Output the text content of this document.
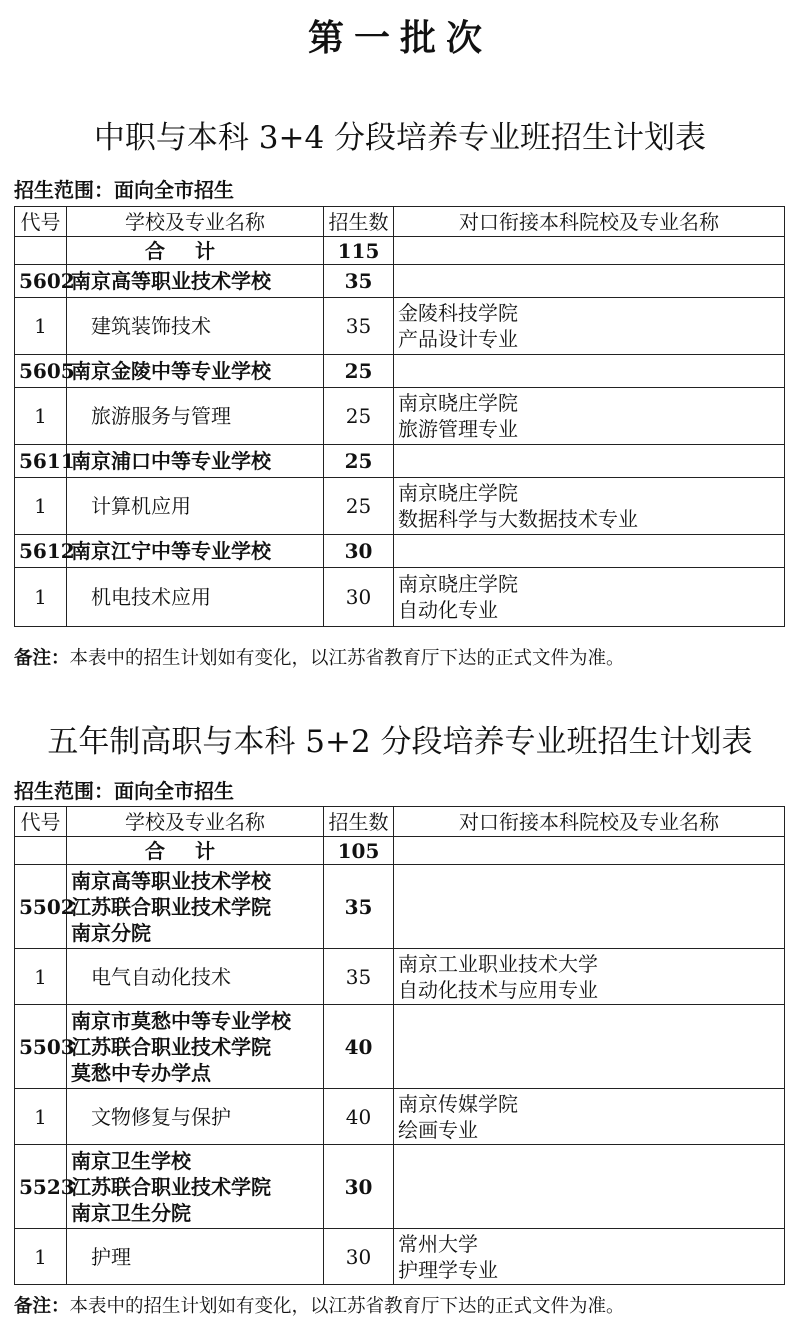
第一批次
中职与本科 3+4 分段培养专业班招生计划表
招生范围：面向全市招生
代号	学校及专业名称	招生数	对口衔接本科院校及专业名称
	合计	115	
5602	南京高等职业技术学校	35	
1	建筑装饰技术	35	金陵科技学院
产品设计专业

5605	南京金陵中等专业学校	25	
1	旅游服务与管理	25	南京晓庄学院
旅游管理专业

5611	南京浦口中等专业学校	25	
1	计算机应用	25	南京晓庄学院
数据科学与大数据技术专业

5612	南京江宁中等专业学校	30	
1	机电技术应用	30	南京晓庄学院
自动化专业
备注：本表中的招生计划如有变化，以江苏省教育厅下达的正式文件为准。
五年制高职与本科 5+2 分段培养专业班招生计划表
招生范围：面向全市招生
代号	学校及专业名称	招生数	对口衔接本科院校及专业名称
	合计	105	
5502	南京高等职业技术学校
江苏联合职业技术学院
南京分院	35	
1	电气自动化技术	35	南京工业职业技术大学
自动化技术与应用专业

5503	南京市莫愁中等专业学校
江苏联合职业技术学院
莫愁中专办学点	40	
1	文物修复与保护	40	南京传媒学院
绘画专业

5523	南京卫生学校
江苏联合职业技术学院
南京卫生分院	30	
1	护理	30	常州大学
护理学专业
备注：本表中的招生计划如有变化，以江苏省教育厅下达的正式文件为准。
